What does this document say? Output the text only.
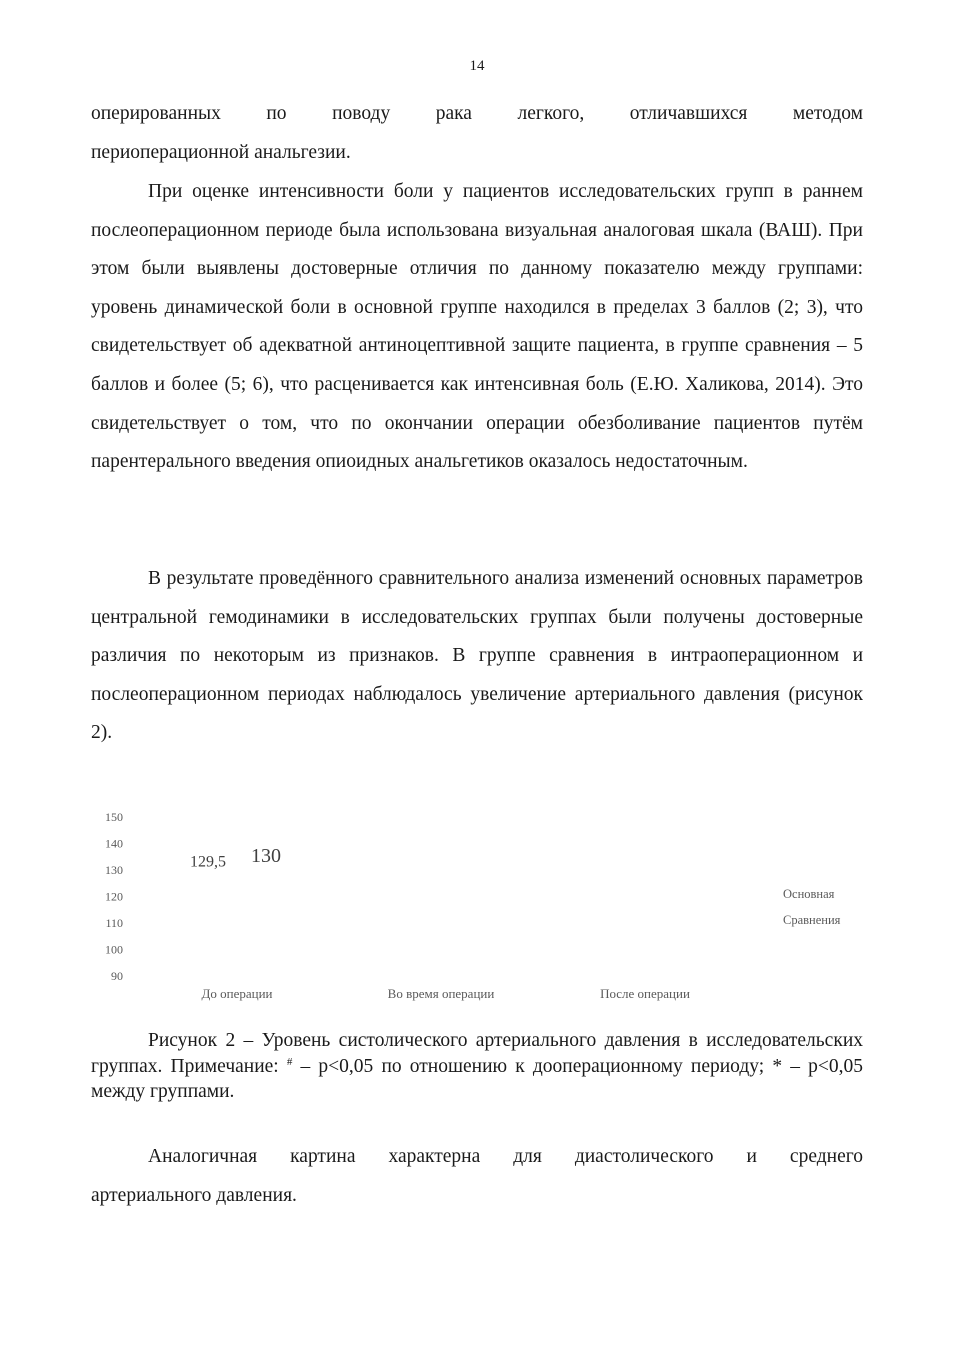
14

оперированных по поводу рака легкого, отличавшихся методом

периоперационной анальгезии.

При оценке интенсивности боли у пациентов исследовательских групп в раннем послеоперационном периоде была использована визуальная аналоговая шкала (ВАШ). При этом были выявлены достоверные отличия по данному показателю между группами: уровень динамической боли в основной группе находился в пределах 3 баллов (2; 3), что свидетельствует об адекватной антиноцептивной защите пациента, в группе сравнения – 5 баллов и более (5; 6), что расценивается как интенсивная боль (Е.Ю. Халикова, 2014). Это свидетельствует о том, что по окончании операции обезболивание пациентов путём парентерального введения опиоидных анальгетиков оказалось недостаточным.

В результате проведённого сравнительного анализа изменений основных параметров центральной гемодинамики в исследовательских группах были получены достоверные различия по некоторым из признаков. В группе сравнения в интраоперационном и послеоперационном периодах наблюдалось увеличение артериального давления (рисунок 2).

150
140
130
120
110
100
90
До операции	Во время операции	После операции
129,5 130
Основная
Сравнения

Рисунок 2 – Уровень систолического артериального давления в исследовательских группах. Примечание: # – p<0,05 по отношению к дооперационному периоду; * – p<0,05 между группами.

Аналогичная картина характерна для диастолического и среднего

артериального давления.
